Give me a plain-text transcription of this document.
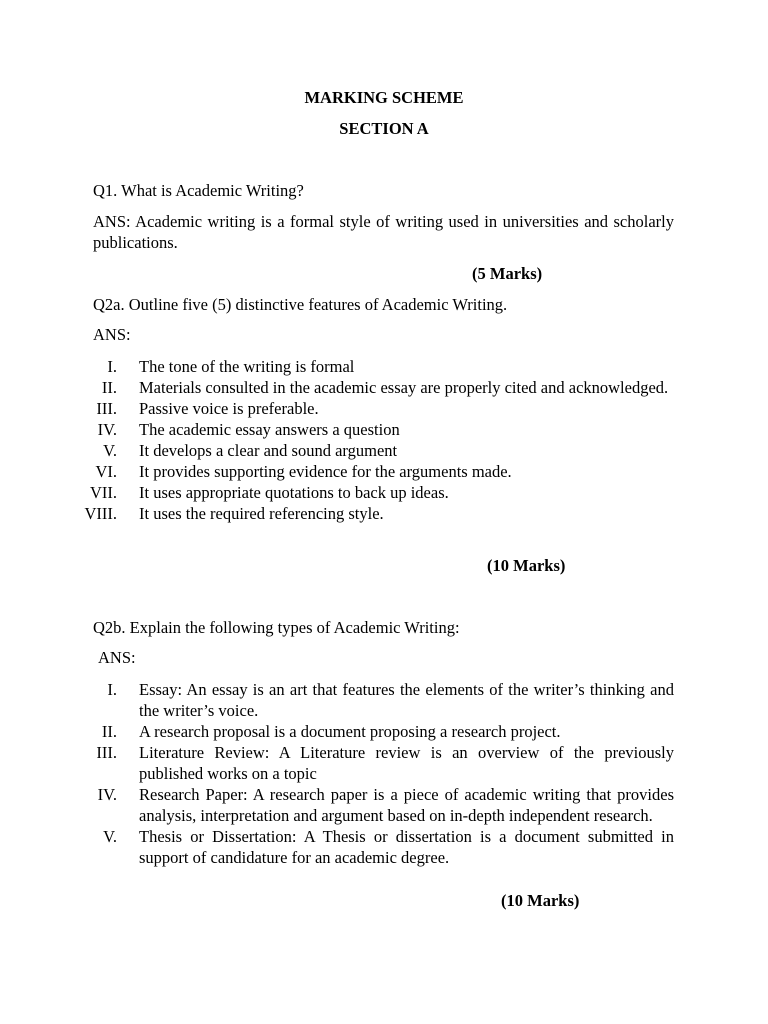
MARKING SCHEME
SECTION A
Q1. What is Academic Writing?
ANS: Academic writing is a formal style of writing used in universities and scholarly publications.
(5 Marks)
Q2a. Outline five (5) distinctive features of Academic Writing.
ANS:
I. The tone of the writing is formal
II. Materials consulted in the academic essay are properly cited and acknowledged.
III. Passive voice is preferable.
IV. The academic essay answers a question
V. It develops a clear and sound argument
VI. It provides supporting evidence for the arguments made.
VII. It uses appropriate quotations to back up ideas.
VIII. It uses the required referencing style.
(10 Marks)
Q2b. Explain the following types of Academic Writing:
ANS:
I. Essay: An essay is an art that features the elements of the writer’s thinking and the writer’s voice.
II. A research proposal is a document proposing a research project.
III. Literature Review: A Literature review is an overview of the previously published works on a topic
IV. Research Paper: A research paper is a piece of academic writing that provides analysis, interpretation and argument based on in-depth independent research.
V. Thesis or Dissertation: A Thesis or dissertation is a document submitted in support of candidature for an academic degree.
(10 Marks)
